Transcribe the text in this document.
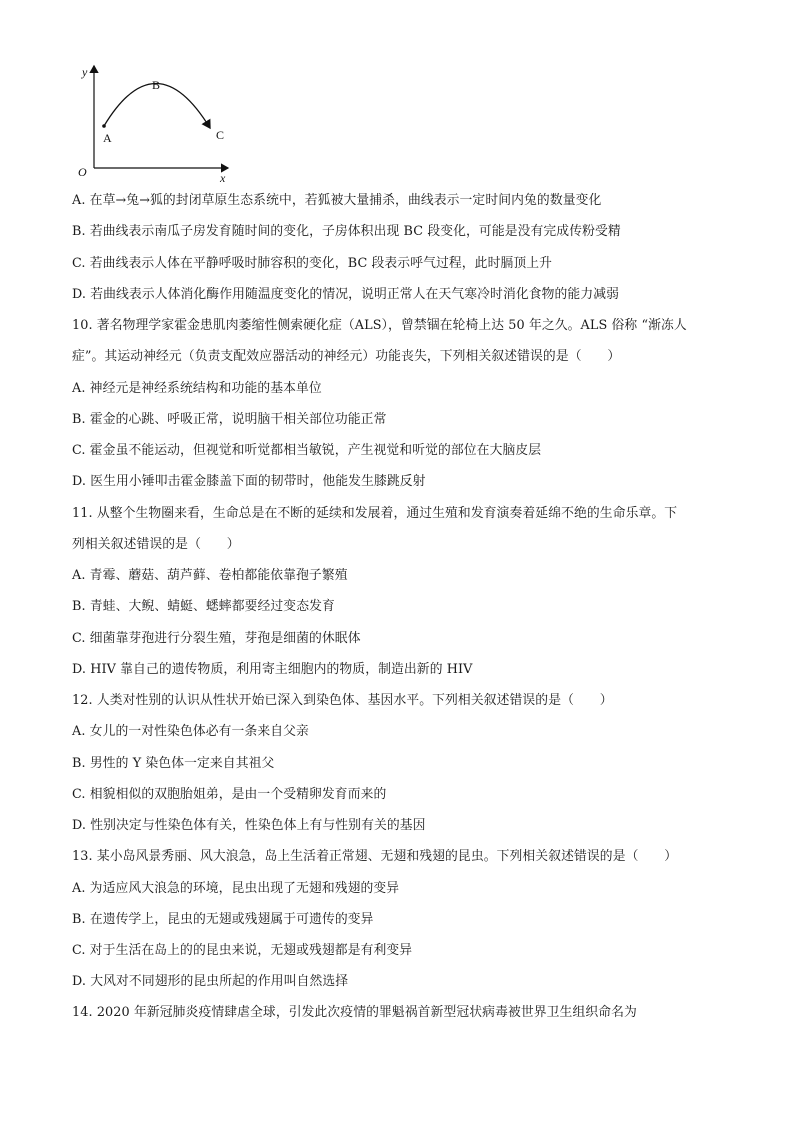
y
x
O
A
B
C
A. 在草→兔→狐的封闭草原生态系统中，若狐被大量捕杀，曲线表示一定时间内兔的数量变化
B. 若曲线表示南瓜子房发育随时间的变化，子房体积出现 BC 段变化，可能是没有完成传粉受精
C. 若曲线表示人体在平静呼吸时肺容积的变化，BC 段表示呼气过程，此时膈顶上升
D. 若曲线表示人体消化酶作用随温度变化的情况，说明正常人在天气寒冷时消化食物的能力减弱
10. 著名物理学家霍金患肌肉萎缩性侧索硬化症（ALS），曾禁锢在轮椅上达 50 年之久。ALS 俗称 “渐冻人
症”。其运动神经元（负责支配效应器活动的神经元）功能丧失，下列相关叙述错误的是（　　）
A. 神经元是神经系统结构和功能的基本单位
B. 霍金的心跳、呼吸正常，说明脑干相关部位功能正常
C. 霍金虽不能运动，但视觉和听觉都相当敏锐，产生视觉和听觉的部位在大脑皮层
D. 医生用小锤叩击霍金膝盖下面的韧带时，他能发生膝跳反射
11. 从整个生物圈来看，生命总是在不断的延续和发展着，通过生殖和发育演奏着延绵不绝的生命乐章。下
列相关叙述错误的是（　　）
A. 青霉、蘑菇、葫芦藓、卷柏都能依靠孢子繁殖
B. 青蛙、大鲵、蜻蜓、蟋蟀都要经过变态发育
C. 细菌靠芽孢进行分裂生殖，芽孢是细菌的休眠体
D. HIV 靠自己的遗传物质，利用寄主细胞内的物质，制造出新的 HIV
12. 人类对性别的认识从性状开始已深入到染色体、基因水平。下列相关叙述错误的是（　　）
A. 女儿的一对性染色体必有一条来自父亲
B. 男性的 Y 染色体一定来自其祖父
C. 相貌相似的双胞胎姐弟，是由一个受精卵发育而来的
D. 性别决定与性染色体有关，性染色体上有与性别有关的基因
13. 某小岛风景秀丽、风大浪急，岛上生活着正常翅、无翅和残翅的昆虫。下列相关叙述错误的是（　　）
A. 为适应风大浪急的环境，昆虫出现了无翅和残翅的变异
B. 在遗传学上，昆虫的无翅或残翅属于可遗传的变异
C. 对于生活在岛上的的昆虫来说，无翅或残翅都是有利变异
D. 大风对不同翅形的昆虫所起的作用叫自然选择
14. 2020 年新冠肺炎疫情肆虐全球，引发此次疫情的罪魁祸首新型冠状病毒被世界卫生组织命名为
